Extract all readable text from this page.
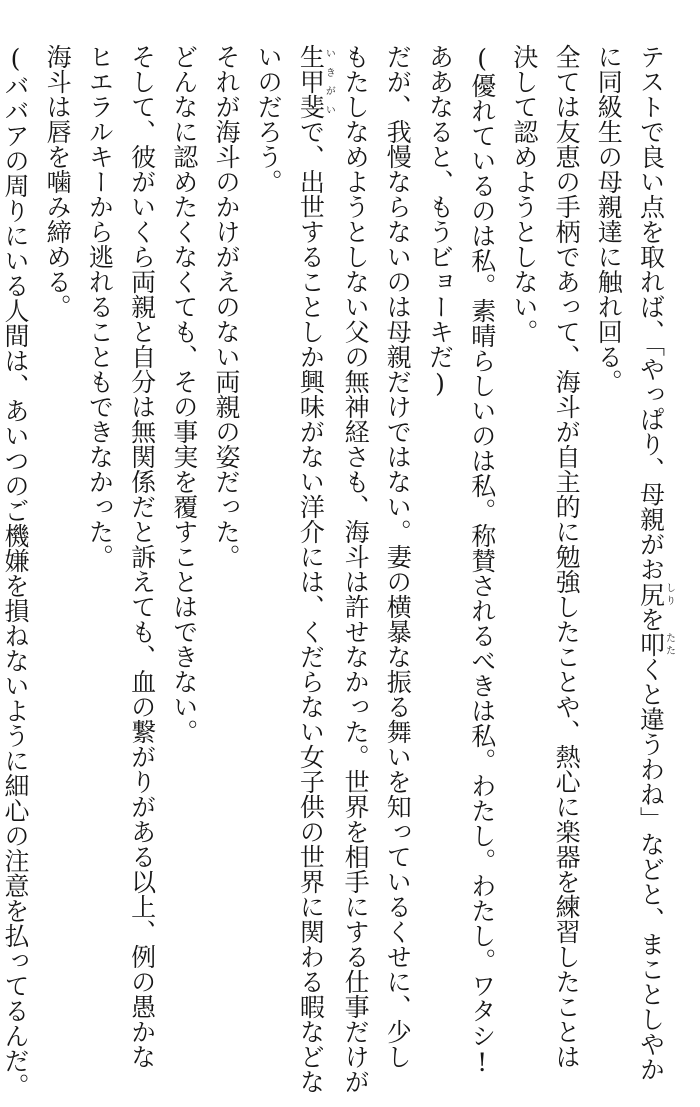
テストで良い点を取れば、「やっぱり、母親がお尻しりを叩たたくと違うわね」などと、まことしやか

に同級生の母親達に触れ回る。

全ては友恵の手柄であって、海斗が自主的に勉強したことや、熱心に楽器を練習したことは

決して認めようとしない。

(優れているのは私。素晴らしいのは私。称賛されるべきは私。わたし。わたし。ワタシ!

ああなると、もうビョーキだ)

だが、我慢ならないのは母親だけではない。妻の横暴な振る舞いを知っているくせに、少し

もたしなめようとしない父の無神経さも、海斗は許せなかった。世界を相手にする仕事だけが

生甲斐いきがいで、出世することしか興味がない洋介には、くだらない女子供の世界に関わる暇などな

いのだろう。

それが海斗のかけがえのない両親の姿だった。

どんなに認めたくなくても、その事実を覆すことはできない。

そして、彼がいくら両親と自分は無関係だと訴えても、血の繋がりがある以上、例の愚かな

ヒエラルキーから逃れることもできなかった。

海斗は唇を噛み締める。

(ババアの周りにいる人間は、あいつのご機嫌を損ねないように細心の注意を払ってるんだ。
